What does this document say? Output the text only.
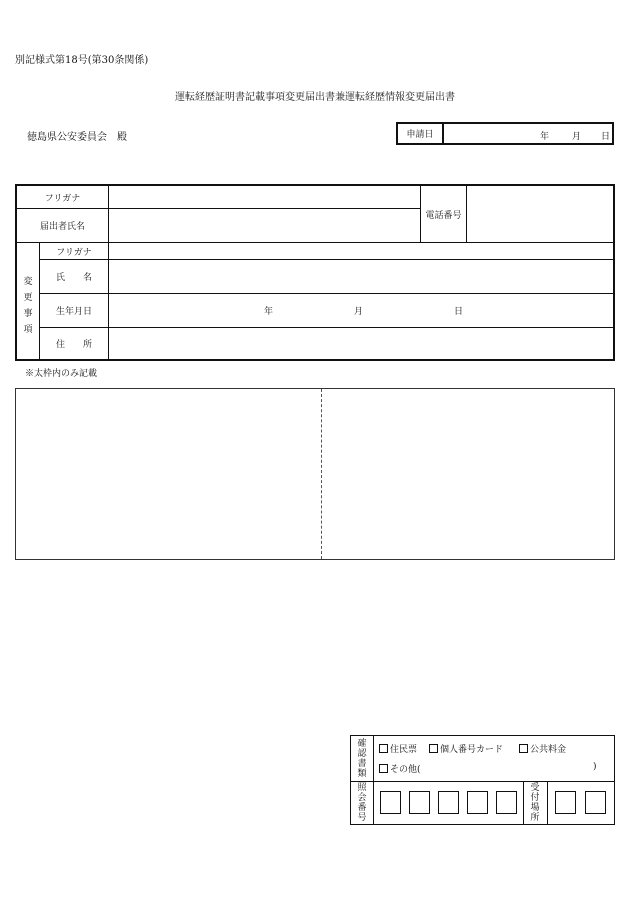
別記様式第18号(第30条関係)
運転経歴証明書記載事項変更届出書兼運転経歴情報変更届出書
徳島県公安委員会　殿	申請日	年	月 日
フリガナ
届出者氏名
電話番号
変
更
事
項
フリガナ
氏　　名
生年月日	年	月	日
住　　所
※太枠内のみ記載
確
認
書
類
住民票	個人番号カード	公共料金
その他(	)
照
会
番
号
受
付
場
所
